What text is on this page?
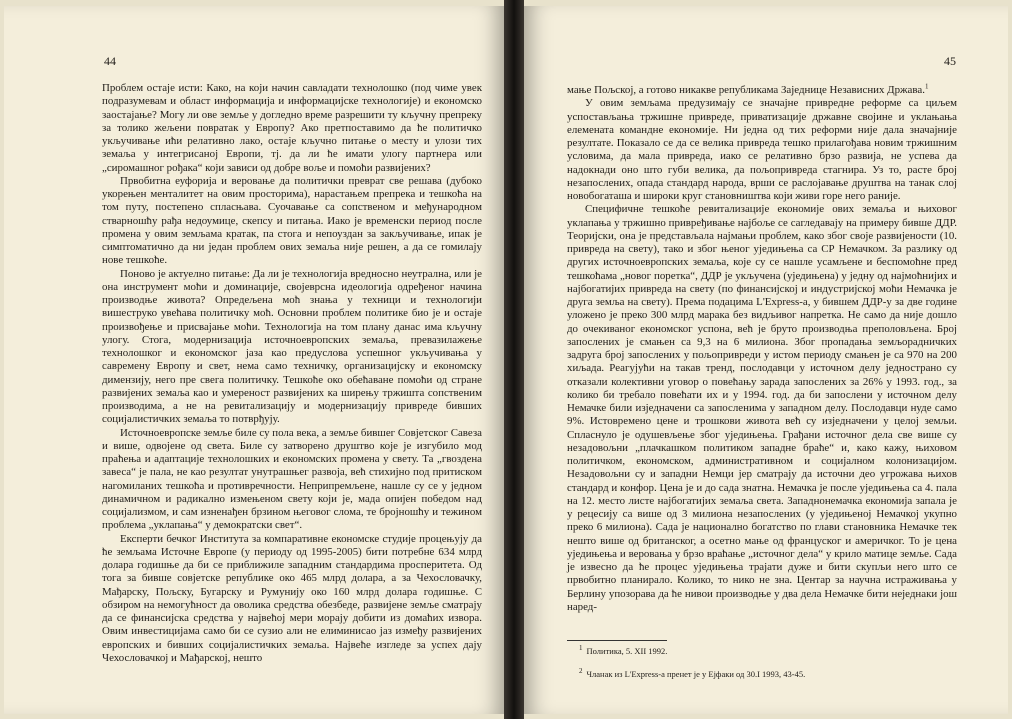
44

Проблем остаје исти: Како, на који начин савладати технолошко (под чиме увек подразумевам и област информација и информацијске технологије) и економско заостајање? Могу ли ове земље у догледно време разрешити ту кључну препреку за толико жељени повратак у Европу? Ако претпоставимо да ће политичко укључивање ићи релативно лако, остаје кључно питање о месту и улози тих земаља у интегрисаној Европи, тј. да ли ће имати улогу партнера или „сиромашног рођака“ који зависи од добре воље и помоћи развијених?

Првобитна еуфорија и веровање да политички преврат све решава (дубоко укорењен менталитет на овим просторима), нарастањем препрека и тешкоћа на том путу, постепено спласњава. Суочавање са сопственом и међународном стварношћу рађа недоумице, скепсу и питања. Иако је временски период после промена у овим земљама кратак, па стога и непоуздан за закључивање, ипак је симптоматично да ни један проблем ових земаља није решен, а да се гомилају нове тешкоће.

Поново је актуелно питање: Да ли је технологија вредносно неутрална, или је она инструмент моћи и доминације, својеврсна идеологија одређеног начина производње живота? Опредељена моћ знања у техници и технологији вишеструко увећава политичку моћ. Основни проблем политике био је и остаје произвођење и присвајање моћи. Технологија на том плану данас има кључну улогу. Стога, модернизација источноевропских земаља, превазилажење технолошког и економског јаза као предуслова успешног укључивања у савремену Европу и свет, нема само техничку, организацијску и економску димензију, него пре свега политичку. Тешкоће око обећаване помоћи од стране развијених земаља као и умереност развијених ка ширењу тржишта сопственим производима, а не на ревитализацију и модернизацију привреде бивших социјалистичких земаља то потврђују.

Источноевропске земље биле су пола века, а земље бившег Совјетског Савеза и више, одвојене од света. Биле су затворено друштво које је изгубило мод праћења и адаптације технолошких и економских промена у свету. Та „гвоздена завеса“ је пала, не као резултат унутрашњег развоја, већ стихијно под притиском нагомиланих тешкоћа и противречности. Неприпремљене, нашле су се у једном динамичном и радикално измењеном свету који је, мада опијен победом над социјализмом, и сам изненађен брзином његовог слома, те бројношћу и тежином проблема „уклапања“ у демократски свет“.

Експерти бечког Института за компаративне економске студије процењују да ће земљама Источне Европе (у периоду од 1995-2005) бити потребне 634 млрд долара годишње да би се приближиле западним стандардима просперитета. Од тога за бивше совјетске републике око 465 млрд долара, а за Чехословачку, Мађарску, Пољску, Бугарску и Румунију око 160 млрд долара годишње. С обзиром на немогућност да оволика средства обезбеде, развијене земље сматрају да се финансијска средства у највећој мери морају добити из домаћих извора. Овим инвестицијама само би се сузио али не елиминисао јаз између развијених европских и бивших социјалистичких земаља. Највеће изгледе за успех дају Чехословачкој и Мађарској, нешто

45

мање Пољској, а готово никакве републикама Заједнице Независних Држава.$^1$

У овим земљама предузимају се значајне привредне реформе са циљем успостављања тржишне привреде, приватизације државне својине и уклањања елемената командне економије. Ни једна од тих реформи није дала значајније резултате. Показало се да се велика привреда тешко прилагођава новим тржишним условима, да мала привреда, иако се релативно брзо развија, не успева да надокнади оно што губи велика, да пољопривреда стагнира. Уз то, расте број незапослених, опада стандард народа, врши се раслојавање друштва на танак слој новобогаташа и широки круг становништва који живи горе него раније.

Специфичне тешкоће ревитализације економије ових земаља и њиховог уклапања у тржишно привређивање најбоље се сагледавају на примеру бивше ДДР. Теоријски, она је представљала најмањи проблем, како због своје развијености (10. привреда на свету), тако и због њеног уједињења са СР Немачком. За разлику од других источноевропских земаља, које су се нашле усамљене и беспомоћне пред тешкоћама „новог поретка“, ДДР је укључена (уједињена) у једну од најмоћнијих и најбогатијих привреда на свету (по финансијској и индустријској моћи Немачка је друга земља на свету). Према подацима L'Express-а, у бившем ДДР-у за две године уложено је преко 300 млрд марака без видљивог напретка. Не само да није дошло до очекиваног економског успона, већ је бруто производња преполовљена. Број запослених је смањен са 9,3 на 6 милиона. Због пропадања земљорадничких задруга број запослених у пољопривреди у истом периоду смањен је са 970 на 200 хиљада. Реагујући на такав тренд, послодавци у источном делу једнострано су отказали колективни уговор о повећању зарада запослених за 26% у 1993. год., за колико би требало повећати их и у 1994. год. да би запослени у источном делу Немачке били изједначени са запосленима у западном делу. Послодавци нуде само 9%. Истовремено цене и трошкови живота већ су изједначени у целој земљи. Спласнуло је одушевљење због уједињења. Грађани источног дела све више су незадовољни „плачкашком политиком западне браће“ и, како кажу, њиховом политичком, економском, административном и социјалном колонизацијом. Незадовољни су и западни Немци јер сматрају да источни део угрожава њихов стандард и конфор. Цена је и до сада знатна. Немачка је после уједињења са 4. пала на 12. место листе најбогатијих земаља света. Западнонемачка економија запала је у рецесију са више од 3 милиона незапослених (у уједињеној Немачкој укупно преко 6 милиона). Сада је национално богатство по глави становника Немачке тек нешто више од британског, а осетно мање од француског и америчког. То је цена уједињења и веровања у брзо враћање „источног дела“ у крило матице земље. Сада је извесно да ће процес уједињења трајати дуже и бити скупљи него што се првобитно планирало. Колико, то нико не зна. Центар за научна истраживања у Берлину упозорава да ће нивои производње у два дела Немачке бити неједнаки још наред-

$^1$ Политика, 5. XII 1992.
$^2$ Чланак из L'Express-a пренет је у Ејфаки од 30.I 1993, 43-45.
